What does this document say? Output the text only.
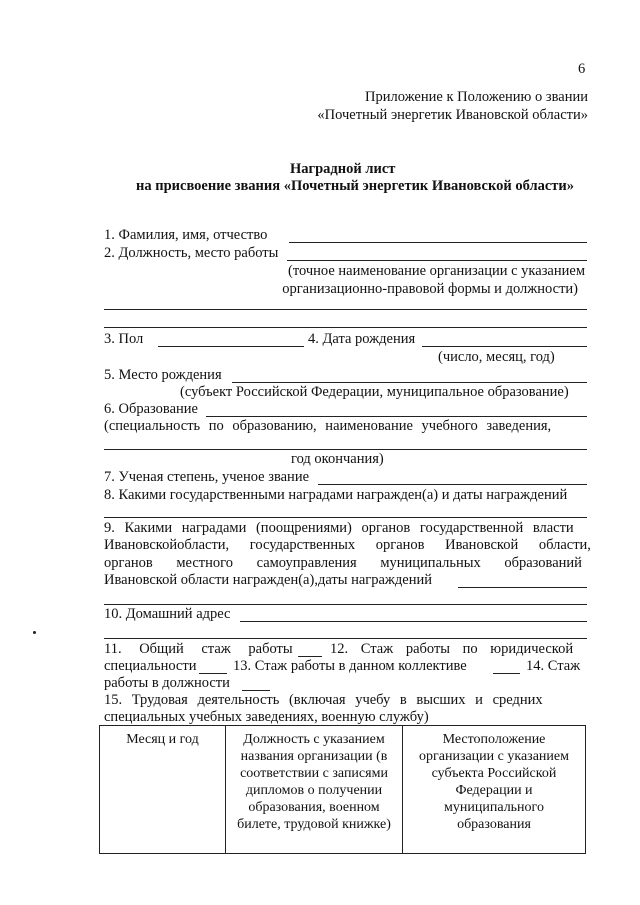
6
Приложение к Положению о звании
«Почетный энергетик Ивановской области»
Наградной лист
на присвоение звания «Почетный энергетик Ивановской области»
1. Фамилия, имя, отчество
2. Должность, место работы
(точное наименование организации с указанием
организационно-правовой формы и должности)
3. Пол	4. Дата рождения
(число, месяц, год)
5. Место рождения
(субъект Российской Федерации, муниципальное образование)
6. Образование
(специальность по образованию, наименование учебного заведения,
год окончания)
7. Ученая степень, ученое звание
8. Какими государственными наградами награжден(а) и даты награждений
9. Какими наградами (поощрениями) органов государственной власти
Ивановскойобласти, государственных органов Ивановской области,
органов местного самоуправления муниципальных образований
Ивановской области награжден(а),даты награждений
10. Домашний адрес
11. Общий стаж работы	12. Стаж работы по юридической
специальности	13. Стаж работы в данном коллективе	14. Стаж
работы в должности
15. Трудовая деятельность (включая учебу в высших и средних
специальных учебных заведениях, военную службу)
Месяц и год	Должность с указанием
названия организации (в
соответствии с записями
дипломов о получении
образования, военном
билете, трудовой книжке)

Местоположение
организации с указанием
субъекта Российской
Федерации и
муниципального
образования
